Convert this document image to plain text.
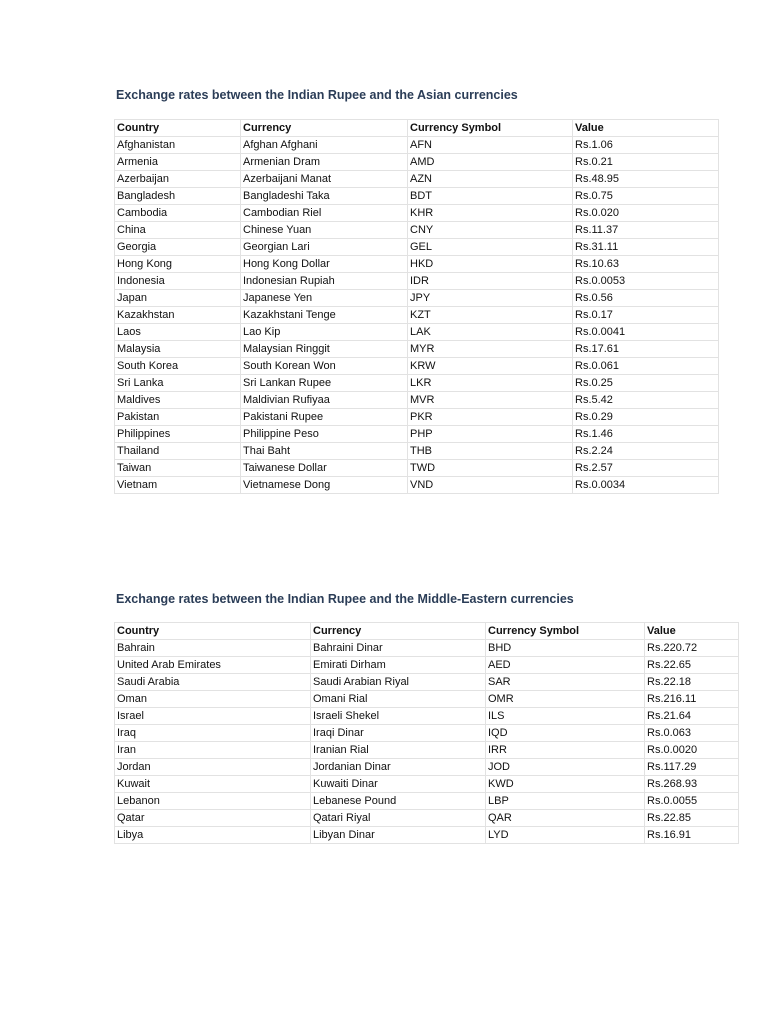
Exchange rates between the Indian Rupee and the Asian currencies
Country	Currency	Currency Symbol	Value
Afghanistan	Afghan Afghani	AFN	Rs.1.06
Armenia	Armenian Dram	AMD	Rs.0.21
Azerbaijan	Azerbaijani Manat	AZN	Rs.48.95
Bangladesh	Bangladeshi Taka	BDT	Rs.0.75
Cambodia	Cambodian Riel	KHR	Rs.0.020
China	Chinese Yuan	CNY	Rs.11.37
Georgia	Georgian Lari	GEL	Rs.31.11
Hong Kong	Hong Kong Dollar	HKD	Rs.10.63
Indonesia	Indonesian Rupiah	IDR	Rs.0.0053
Japan	Japanese Yen	JPY	Rs.0.56
Kazakhstan	Kazakhstani Tenge	KZT	Rs.0.17
Laos	Lao Kip	LAK	Rs.0.0041
Malaysia	Malaysian Ringgit	MYR	Rs.17.61
South Korea	South Korean Won	KRW	Rs.0.061
Sri Lanka	Sri Lankan Rupee	LKR	Rs.0.25
Maldives	Maldivian Rufiyaa	MVR	Rs.5.42
Pakistan	Pakistani Rupee	PKR	Rs.0.29
Philippines	Philippine Peso	PHP	Rs.1.46
Thailand	Thai Baht	THB	Rs.2.24
Taiwan	Taiwanese Dollar	TWD	Rs.2.57
Vietnam	Vietnamese Dong	VND	Rs.0.0034
Exchange rates between the Indian Rupee and the Middle-Eastern currencies
Country	Currency	Currency Symbol	Value
Bahrain	Bahraini Dinar	BHD	Rs.220.72
United Arab Emirates	Emirati Dirham	AED	Rs.22.65
Saudi Arabia	Saudi Arabian Riyal	SAR	Rs.22.18
Oman	Omani Rial	OMR	Rs.216.11
Israel	Israeli Shekel	ILS	Rs.21.64
Iraq	Iraqi Dinar	IQD	Rs.0.063
Iran	Iranian Rial	IRR	Rs.0.0020
Jordan	Jordanian Dinar	JOD	Rs.117.29
Kuwait	Kuwaiti Dinar	KWD	Rs.268.93
Lebanon	Lebanese Pound	LBP	Rs.0.0055
Qatar	Qatari Riyal	QAR	Rs.22.85
Libya	Libyan Dinar	LYD	Rs.16.91
